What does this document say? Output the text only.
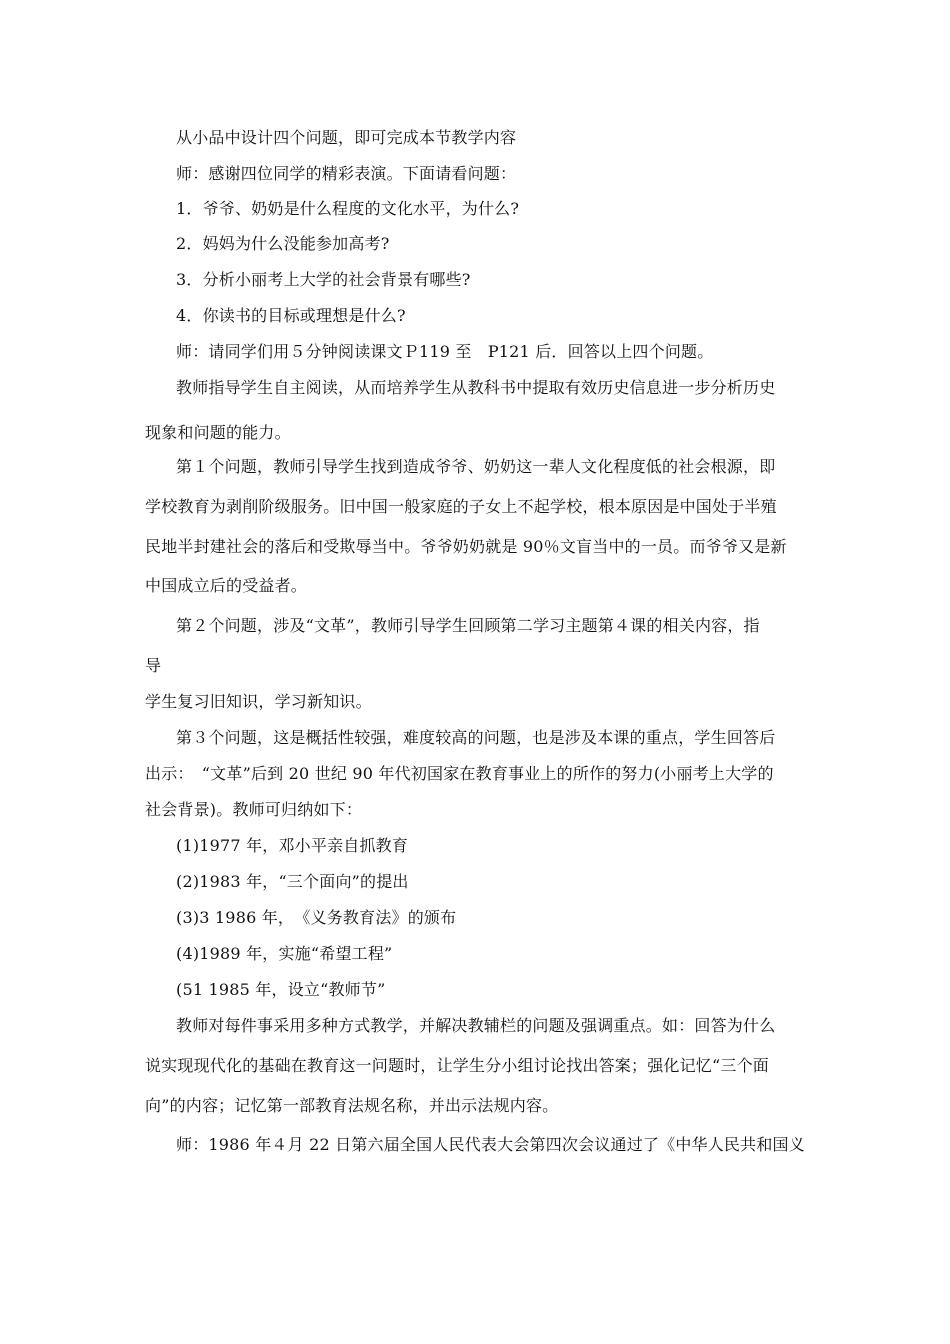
从小品中设计四个问题，即可完成本节教学内容
师：感谢四位同学的精彩表演。下面请看问题：
1．爷爷、奶奶是什么程度的文化水平，为什么?
2．妈妈为什么没能参加高考?
3．分析小丽考上大学的社会背景有哪些?
4．你读书的目标或理想是什么?
师：请同学们用５分钟阅读课文Ｐ119 至　P121 后．回答以上四个问题。
教师指导学生自主阅读，从而培养学生从教科书中提取有效历史信息进一步分析历史
现象和问题的能力。
第１个问题，教师引导学生找到造成爷爷、奶奶这一辈人文化程度低的社会根源，即
学校教育为剥削阶级服务。旧中国一般家庭的子女上不起学校，根本原因是中国处于半殖
民地半封建社会的落后和受欺辱当中。爷爷奶奶就是 90％文盲当中的一员。而爷爷又是新
中国成立后的受益者。
第２个问题，涉及“文革”，教师引导学生回顾第二学习主题第４课的相关内容，指
导
学生复习旧知识，学习新知识。
第３个问题，这是概括性较强，难度较高的问题，也是涉及本课的重点，学生回答后
出示：　“文革”后到 20 世纪 90 年代初国家在教育事业上的所作的努力(小丽考上大学的
社会背景)。教师可归纳如下：
(1)1977 年，邓小平亲自抓教育
(2)1983 年，“三个面向”的提出
(3)3 1986 年，　《义务教育法》的颁布
(4)1989 年，实施“希望工程”
(51 1985 年，设立“教师节”
教师对每件事采用多种方式教学，并解决教辅栏的问题及强调重点。如：回答为什么
说实现现代化的基础在教育这一问题时，让学生分小组讨论找出答案；强化记忆“三个面
向”的内容；记忆第一部教育法规名称，并出示法规内容。
师：1986 年４月 22 日第六届全国人民代表大会第四次会议通过了《中华人民共和国义
